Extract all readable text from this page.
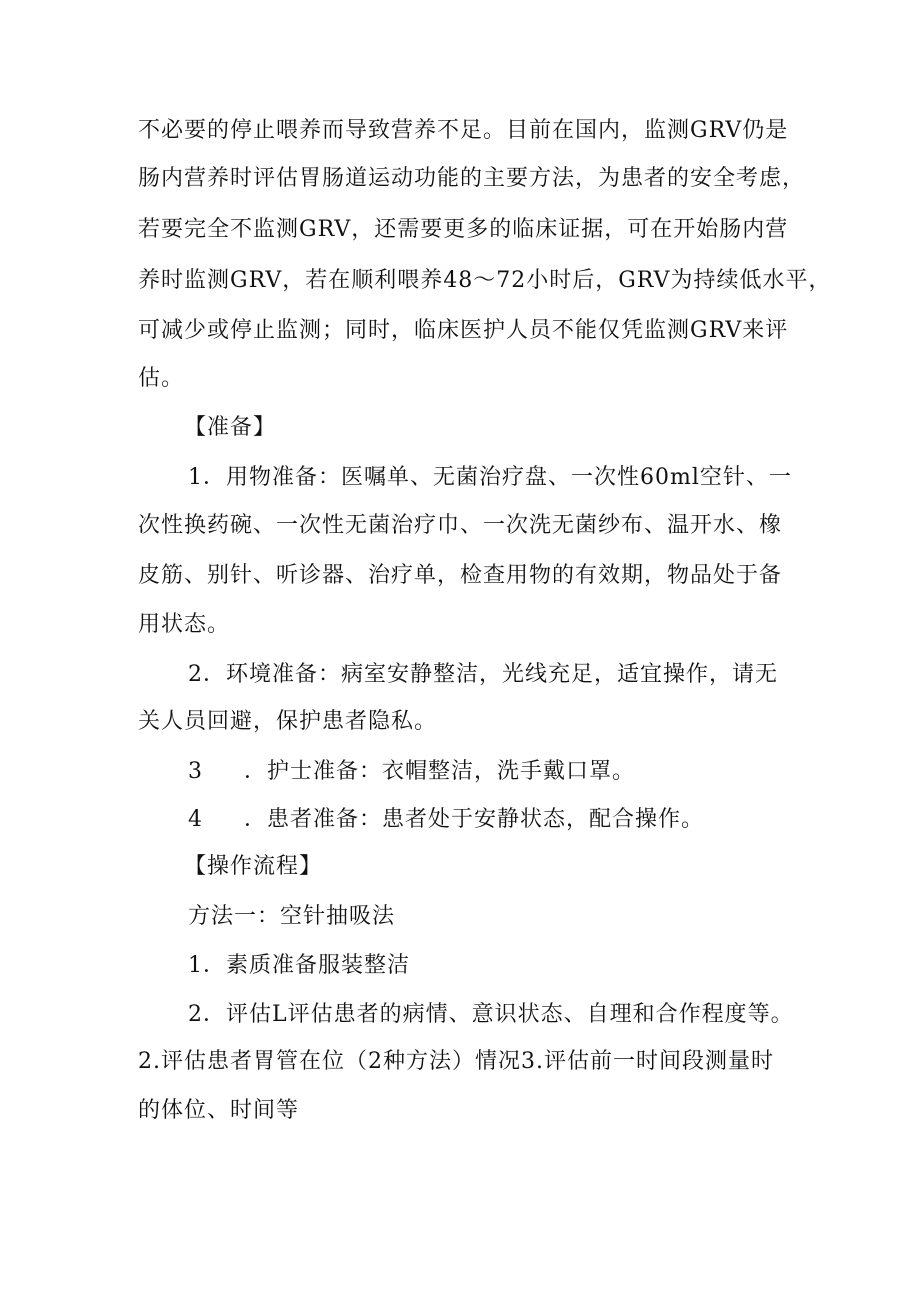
不必要的停止喂养而导致营养不足。目前在国内，监测GRV仍是
肠内营养时评估胃肠道运动功能的主要方法，为患者的安全考虑，
若要完全不监测GRV，还需要更多的临床证据，可在开始肠内营
养时监测GRV，若在顺利喂养48～72小时后，GRV为持续低水平，
可减少或停止监测；同时，临床医护人员不能仅凭监测GRV来评
估。
【准备】
1．用物准备：医嘱单、无菌治疗盘、一次性60ml空针、一
次性换药碗、一次性无菌治疗巾、一次洗无菌纱布、温开水、橡
皮筋、别针、听诊器、治疗单，检查用物的有效期，物品处于备
用状态。
2．环境准备：病室安静整洁，光线充足，适宜操作，请无
关人员回避，保护患者隐私。
3 ．护士准备：衣帽整洁，洗手戴口罩。
4 ．患者准备：患者处于安静状态，配合操作。
【操作流程】
方法一：空针抽吸法
1．素质准备服装整洁
2．评估L评估患者的病情、意识状态、自理和合作程度等。
2.评估患者胃管在位（2种方法）情况3.评估前一时间段测量时
的体位、时间等
